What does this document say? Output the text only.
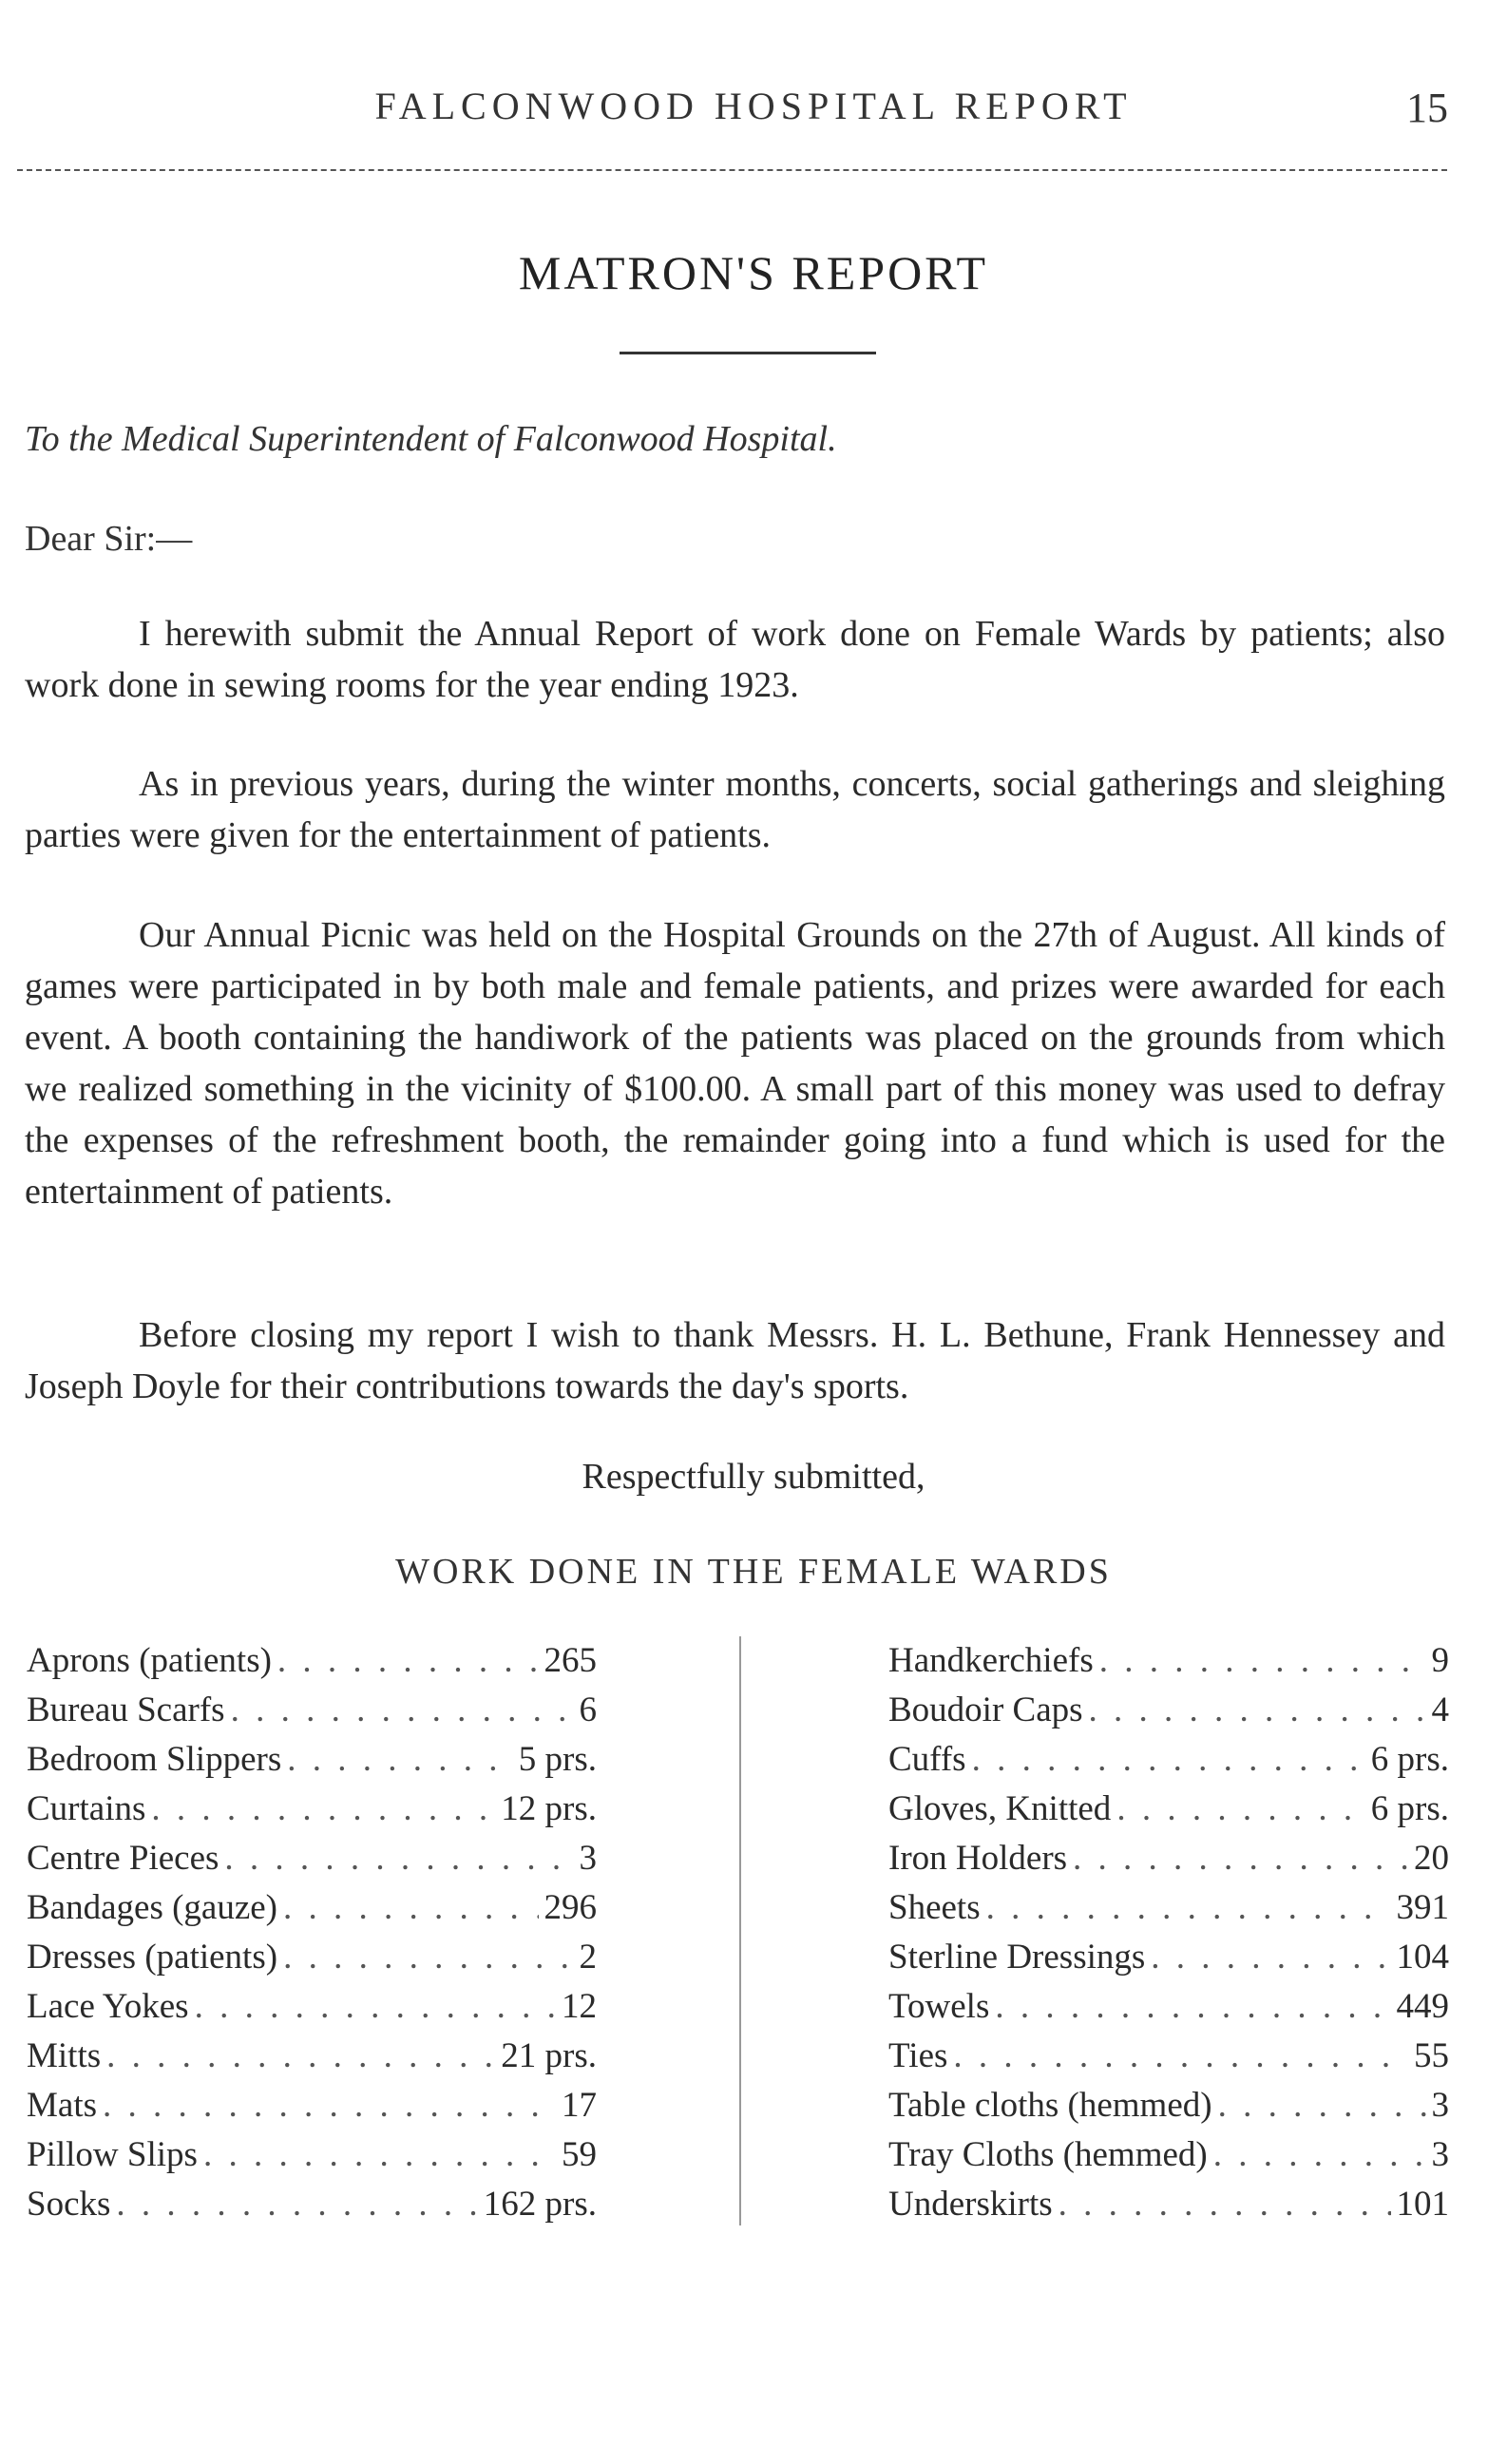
FALCONWOOD HOSPITAL REPORT	15
MATRON'S REPORT
To the Medical Superintendent of Falconwood Hospital.
Dear Sir:—

I herewith submit the Annual Report of work done on Female Wards by patients; also work done in sewing rooms for the year ending 1923.

As in previous years, during the winter months, concerts, social gatherings and sleighing parties were given for the entertainment of patients.

Our Annual Picnic was held on the Hospital Grounds on the 27th of August. All kinds of games were participated in by both male and female patients, and prizes were awarded for each event. A booth containing the handiwork of the patients was placed on the grounds from which we realized something in the vicinity of $100.00. A small part of this money was used to defray the expenses of the refreshment booth, the remainder going into a fund which is used for the entertainment of patients.

Before closing my report I wish to thank Messrs. H. L. Bethune, Frank Hennessey and Joseph Doyle for their contributions towards the day's sports.

Respectfully submitted,
WORK DONE IN THE FEMALE WARDS
Aprons (patients) . . .	265
Bureau Scarfs . . .	6
Bedroom Slippers . . .	5 prs.
Curtains . . .	12 prs.
Centre Pieces . . .	3
Bandages (gauze) . . .	296
Dresses (patients) . . .	2
Lace Yokes . . .	12
Mitts . . .	21 prs.
Mats . . .	17
Pillow Slips . . .	59
Socks . . .	162 prs.
Handkerchiefs . . .	9
Boudoir Caps . . .	4
Cuffs . . .	6 prs.
Gloves, Knitted . . .	6 prs.
Iron Holders . . .	20
Sheets . . .	391
Sterline Dressings . . .	104
Towels . . .	449
Ties . . .	55
Table cloths (hemmed) . . .	3
Tray Cloths (hemmed) . . .	3
Underskirts . . .	101
